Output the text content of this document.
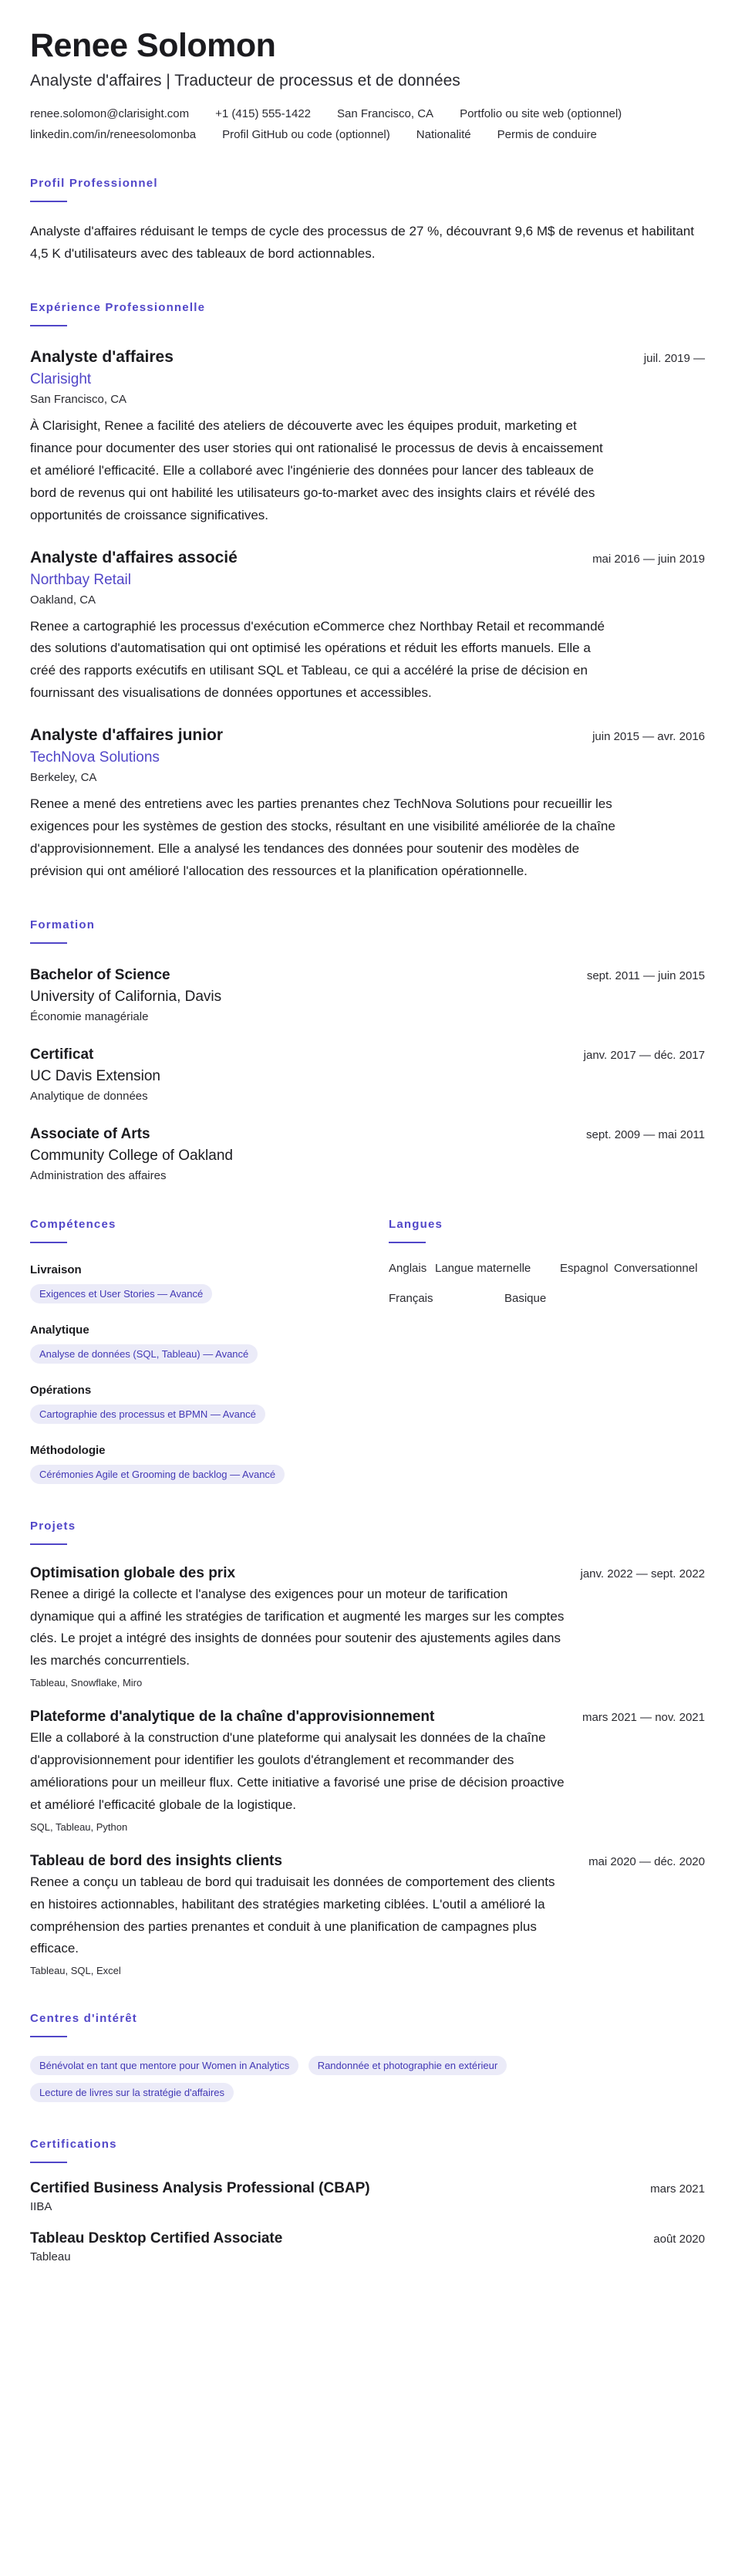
Renee Solomon
Analyste d'affaires | Traducteur de processus et de données
renee.solomon@clarisight.com +1 (415) 555-1422 San Francisco, CA Portfolio ou site web (optionnel)
linkedin.com/in/reneesolomonba Profil GitHub ou code (optionnel) Nationalité Permis de conduire
Profil Professionnel

Analyste d'affaires réduisant le temps de cycle des processus de 27 %, découvrant 9,6 M$ de revenus et habilitant 4,5 K d'utilisateurs avec des tableaux de bord actionnables.

Expérience Professionnelle
Analyste d'affaires	juil. 2019 —
Clarisight
San Francisco, CA

À Clarisight, Renee a facilité des ateliers de découverte avec les équipes produit, marketing et finance pour documenter des user stories qui ont rationalisé le processus de devis à encaissement et amélioré l'efficacité. Elle a collaboré avec l'ingénierie des données pour lancer des tableaux de bord de revenus qui ont habilité les utilisateurs go-to-market avec des insights clairs et révélé des opportunités de croissance significatives.

Analyste d'affaires associé	mai 2016 — juin 2019
Northbay Retail
Oakland, CA

Renee a cartographié les processus d'exécution eCommerce chez Northbay Retail et recommandé des solutions d'automatisation qui ont optimisé les opérations et réduit les efforts manuels. Elle a créé des rapports exécutifs en utilisant SQL et Tableau, ce qui a accéléré la prise de décision en fournissant des visualisations de données opportunes et accessibles.

Analyste d'affaires junior	juin 2015 — avr. 2016
TechNova Solutions
Berkeley, CA

Renee a mené des entretiens avec les parties prenantes chez TechNova Solutions pour recueillir les exigences pour les systèmes de gestion des stocks, résultant en une visibilité améliorée de la chaîne d'approvisionnement. Elle a analysé les tendances des données pour soutenir des modèles de prévision qui ont amélioré l'allocation des ressources et la planification opérationnelle.

Formation
Bachelor of Science	sept. 2011 — juin 2015
University of California, Davis
Économie managériale
Certificat	janv. 2017 — déc. 2017
UC Davis Extension
Analytique de données
Associate of Arts	sept. 2009 — mai 2011
Community College of Oakland
Administration des affaires
Compétences
Livraison
Exigences et User Stories — Avancé
Analytique
Analyse de données (SQL, Tableau) — Avancé
Opérations
Cartographie des processus et BPMN — Avancé
Méthodologie
Cérémonies Agile et Grooming de backlog — Avancé
Langues
Anglais Langue maternelle	Espagnol Conversationnel
Français	Basique
Projets
Optimisation globale des prix	janv. 2022 — sept. 2022

Renee a dirigé la collecte et l'analyse des exigences pour un moteur de tarification dynamique qui a affiné les stratégies de tarification et augmenté les marges sur les comptes clés. Le projet a intégré des insights de données pour soutenir des ajustements agiles dans les marchés concurrentiels.

Tableau, Snowflake, Miro
Plateforme d'analytique de la chaîne d'approvisionnement	mars 2021 — nov. 2021

Elle a collaboré à la construction d'une plateforme qui analysait les données de la chaîne d'approvisionnement pour identifier les goulots d'étranglement et recommander des améliorations pour un meilleur flux. Cette initiative a favorisé une prise de décision proactive et amélioré l'efficacité globale de la logistique.

SQL, Tableau, Python
Tableau de bord des insights clients	mai 2020 — déc. 2020

Renee a conçu un tableau de bord qui traduisait les données de comportement des clients en histoires actionnables, habilitant des stratégies marketing ciblées. L'outil a amélioré la compréhension des parties prenantes et conduit à une planification de campagnes plus efficace.

Tableau, SQL, Excel
Centres d'intérêt
Bénévolat en tant que mentore pour Women in Analytics	Randonnée et photographie en extérieur Lecture de livres sur la stratégie d'affaires
Certifications
Certified Business Analysis Professional (CBAP)	mars 2021
IIBA
Tableau Desktop Certified Associate	août 2020
Tableau
